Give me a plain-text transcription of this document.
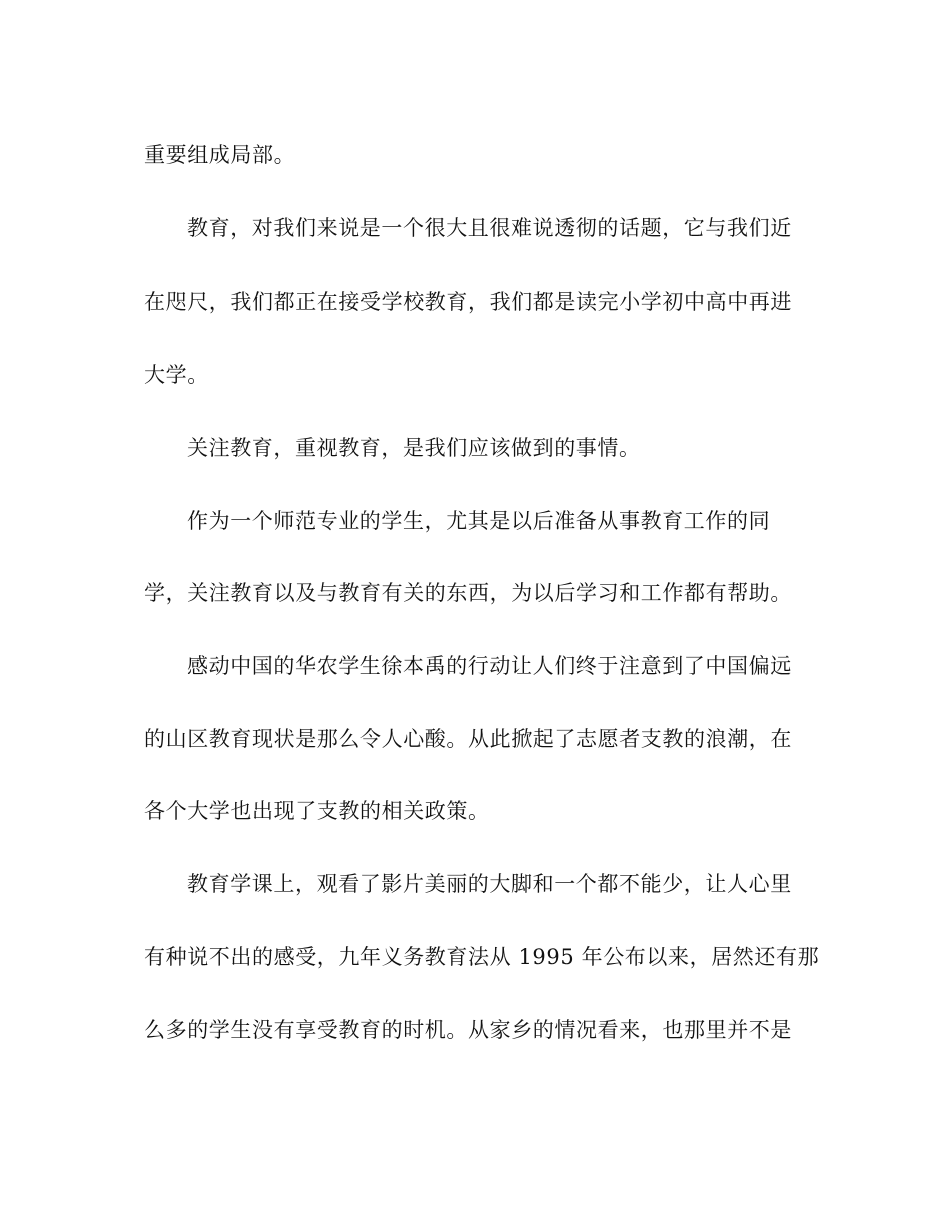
重要组成局部。
教育，对我们来说是一个很大且很难说透彻的话题，它与我们近
在咫尺，我们都正在接受学校教育，我们都是读完小学初中高中再进
大学。
关注教育，重视教育，是我们应该做到的事情。
作为一个师范专业的学生，尤其是以后准备从事教育工作的同
学，关注教育以及与教育有关的东西，为以后学习和工作都有帮助。
感动中国的华农学生徐本禹的行动让人们终于注意到了中国偏远
的山区教育现状是那么令人心酸。从此掀起了志愿者支教的浪潮，在
各个大学也出现了支教的相关政策。
教育学课上，观看了影片美丽的大脚和一个都不能少，让人心里
有种说不出的感受，九年义务教育法从 1995 年公布以来，居然还有那
么多的学生没有享受教育的时机。从家乡的情况看来，也那里并不是
